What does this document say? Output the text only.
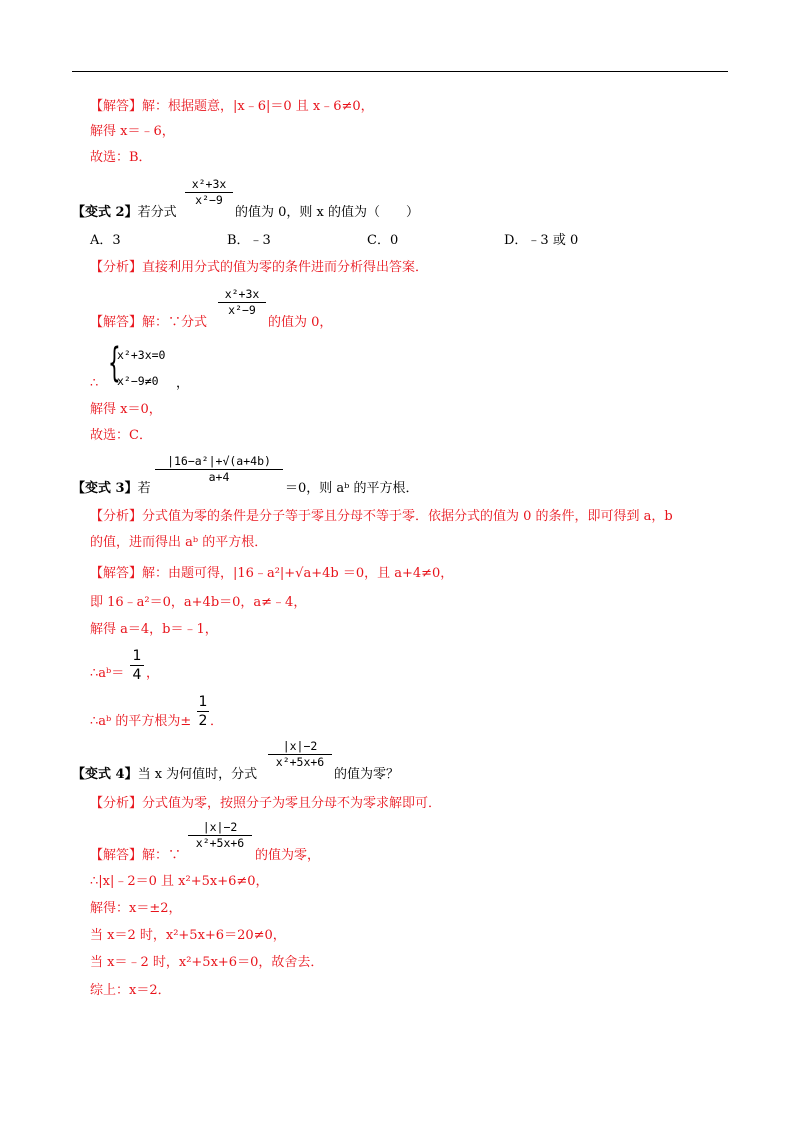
【解答】解：根据题意，|x﹣6|＝0 且 x﹣6≠0，
解得 x＝﹣6，
故选：B．
x²+3x
x²−9
【变式 2】若分式	的值为 0，则 x 的值为（　　）
A．3	B．﹣3	C．0	D．﹣3 或 0
【分析】直接利用分式的值为零的条件进而分析得出答案．
x²+3x
x²−9
【解答】解：∵分式	的值为 0，
{
x²+3x=0
x²−9≠0
∴	，
解得 x＝0，
故选：C．
|16−a²|+√(a+4b)
a+4
【变式 3】若	＝0，则 aᵇ 的平方根．
【分析】分式值为零的条件是分子等于零且分母不等于零．依据分式的值为 0 的条件，即可得到 a，b
的值，进而得出 aᵇ 的平方根．
【解答】解：由题可得，|16﹣a²|+√a+4b ＝0，且 a+4≠0，
即 16﹣a²＝0，a+4b＝0，a≠﹣4，
解得 a＝4，b＝﹣1，
∴aᵇ＝
1
4 ，
∴aᵇ 的平方根为±
1
2 ．
|x|−2
x²+5x+6
【变式 4】当 x 为何值时，分式	的值为零？
【分析】分式值为零，按照分子为零且分母不为零求解即可．
|x|−2
x²+5x+6
【解答】解：∵	的值为零，
∴|x|﹣2＝0 且 x²+5x+6≠0，
解得：x＝±2，
当 x＝2 时，x²+5x+6＝20≠0，
当 x＝﹣2 时，x²+5x+6＝0，故舍去．
综上：x＝2．
